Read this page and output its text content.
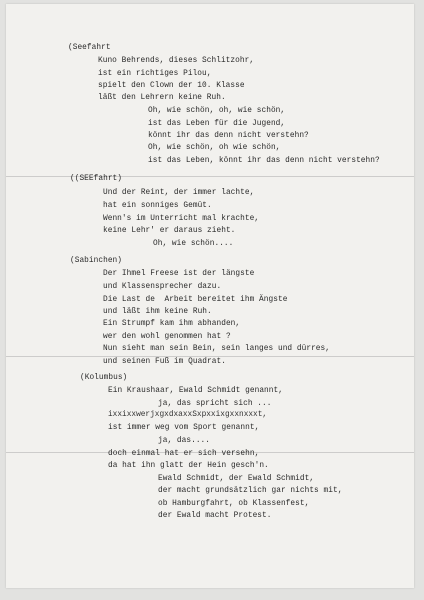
(Seefahrt
Kuno Behrends, dieses Schlitzohr,
ist ein richtiges Pilou,
spielt den Clown der 10. Klasse
läßt den Lehrern keine Ruh.
Oh, wie schön, oh, wie schön,
ist das Leben für die Jugend,
könnt ihr das denn nicht verstehn?
Oh, wie schön, oh wie schön,
ist das Leben, könnt ihr das denn nicht verstehn?
((SEEfahrt)
Und der Reint, der immer lachte,
hat ein sonniges Gemüt.
Wenn's im Unterricht mal krachte,
keine Lehr' er daraus zieht.
Oh, wie schön....
(Sabinchen)
Der Ihmel Freese ist der längste
und Klassensprecher dazu.
Die Last de  Arbeit bereitet ihm Ängste
und läßt ihm keine Ruh.
Ein Strumpf kam ihm abhanden,
wer den wohl genommen hat ?
Nun sieht man sein Bein, sein langes und dürres,
und seinen Fuß im Quadrat.
(Kolumbus)
Ein Kraushaar, Ewald Schmidt genannt,
ja, das spricht sich ...
ist immer weg vom Sport genannt,
ja, das....
doch einmal hat er sich versehn,
da hat ihn glatt der Hein gesch'n.
Ewald Schmidt, der Ewald Schmidt,
der macht grundsätzlich gar nichts mit,
ob Hamburgfahrt, ob Klassenfest,
der Ewald macht Protest.
ixxixxwerjxgxdxaxxSxpxxixgxxnxxxt,
